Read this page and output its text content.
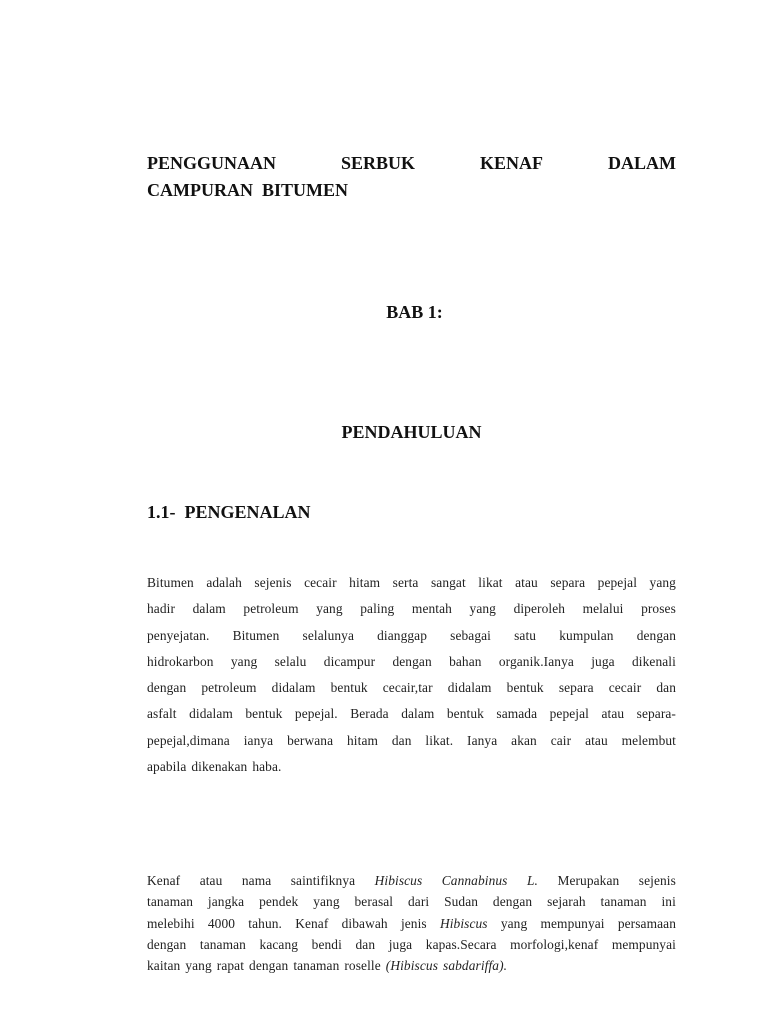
PENGGUNAAN	SERBUK	KENAF	DALAM
CAMPURAN BITUMEN
BAB 1:
PENDAHULUAN
1.1- PENGENALAN
Bitumen adalah sejenis cecair hitam serta sangat likat atau separa pepejal yang
hadir dalam petroleum yang paling mentah yang diperoleh melalui proses
penyejatan. Bitumen selalunya dianggap sebagai satu kumpulan dengan
hidrokarbon yang selalu dicampur dengan bahan organik.Ianya juga dikenali
dengan petroleum didalam bentuk cecair,tar didalam bentuk separa cecair dan
asfalt didalam bentuk pepejal. Berada dalam bentuk samada pepejal atau separa-
pepejal,dimana ianya berwana hitam dan likat. Ianya akan cair atau melembut
apabila dikenakan haba.
Kenaf atau nama saintifiknya Hibiscus Cannabinus L. Merupakan sejenis
tanaman jangka pendek yang berasal dari Sudan dengan sejarah tanaman ini
melebihi 4000 tahun. Kenaf dibawah jenis Hibiscus yang mempunyai persamaan
dengan tanaman kacang bendi dan juga kapas.Secara morfologi,kenaf mempunyai
kaitan yang rapat dengan tanaman roselle (Hibiscus sabdariffa).
